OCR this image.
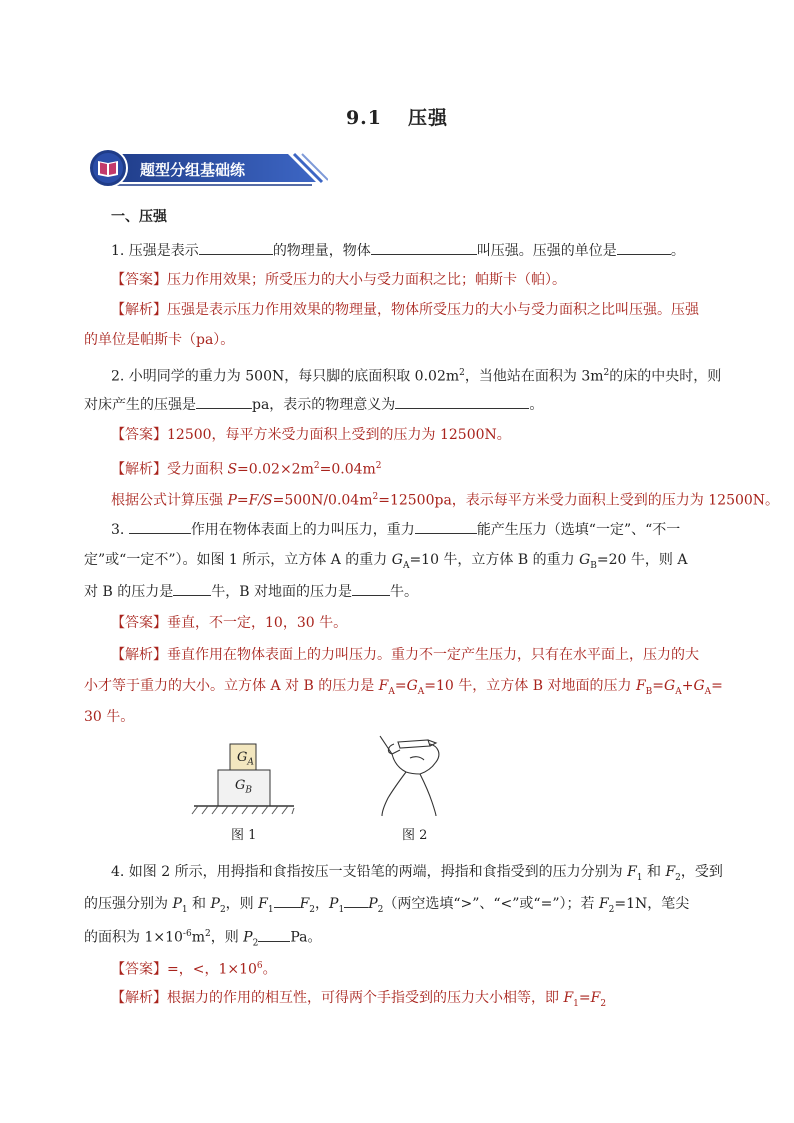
9.1 压强
题型分组基础练
一、压强
1. 压强是表示	的物理量，物体	叫压强。压强的单位是	。
【答案】压力作用效果；所受压力的大小与受力面积之比；帕斯卡（帕）。
【解析】压强是表示压力作用效果的物理量，物体所受压力的大小与受力面积之比叫压强。压强
的单位是帕斯卡（pa）。
2. 小明同学的重力为 500N，每只脚的底面积取 $0.02m^2$，当他站在面积为 $3m^2$的床的中央时，则
对床产生的压强是	pa，表示的物理意义为	。
【答案】12500，每平方米受力面积上受到的压力为 12500N。
【解析】受力面积 $S=0.02\times 2m^2=0.04m^2$
根据公式计算压强 $P=F/S=500N/0.04m^2=12500pa$，表示每平方米受力面积上受到的压力为 12500N。
3.	作用在物体表面上的力叫压力，重力	能产生压力（选填“一定”、“不一
定”或“一定不”）。如图 1 所示，立方体 A 的重力 $G_A=10$ 牛，立方体 B 的重力 $G_B=20$ 牛，则 A
对 B 的压力是	牛，B 对地面的压力是	牛。
【答案】垂直，不一定，10，30 牛。
【解析】垂直作用在物体表面上的力叫压力。重力不一定产生压力，只有在水平面上，压力的大
小才等于重力的大小。立方体 A 对 B 的压力是 $F_A=G_A=10$ 牛，立方体 B 对地面的压力 $F_B=G_A+G_A=$
30 牛。
$G_A$
$G_B$
图 1	图 2
4. 如图 2 所示，用拇指和食指按压一支铅笔的两端，拇指和食指受到的压力分别为 $F_1$ 和 $F_2$，受到
的压强分别为 $P_1$ 和 $P_2$，则 $F_1$ $F_2$，$P_1$ $P_2$（两空选填“>”、“<”或“=”）；若 $F_2=1N$，笔尖
的面积为 $1\times 10^{-6}m^2$，则 $P_2$ Pa。
【答案】=，<，$1\times 10^6$。
【解析】根据力的作用的相互性，可得两个手指受到的压力大小相等，即 $F_1=F_2$
